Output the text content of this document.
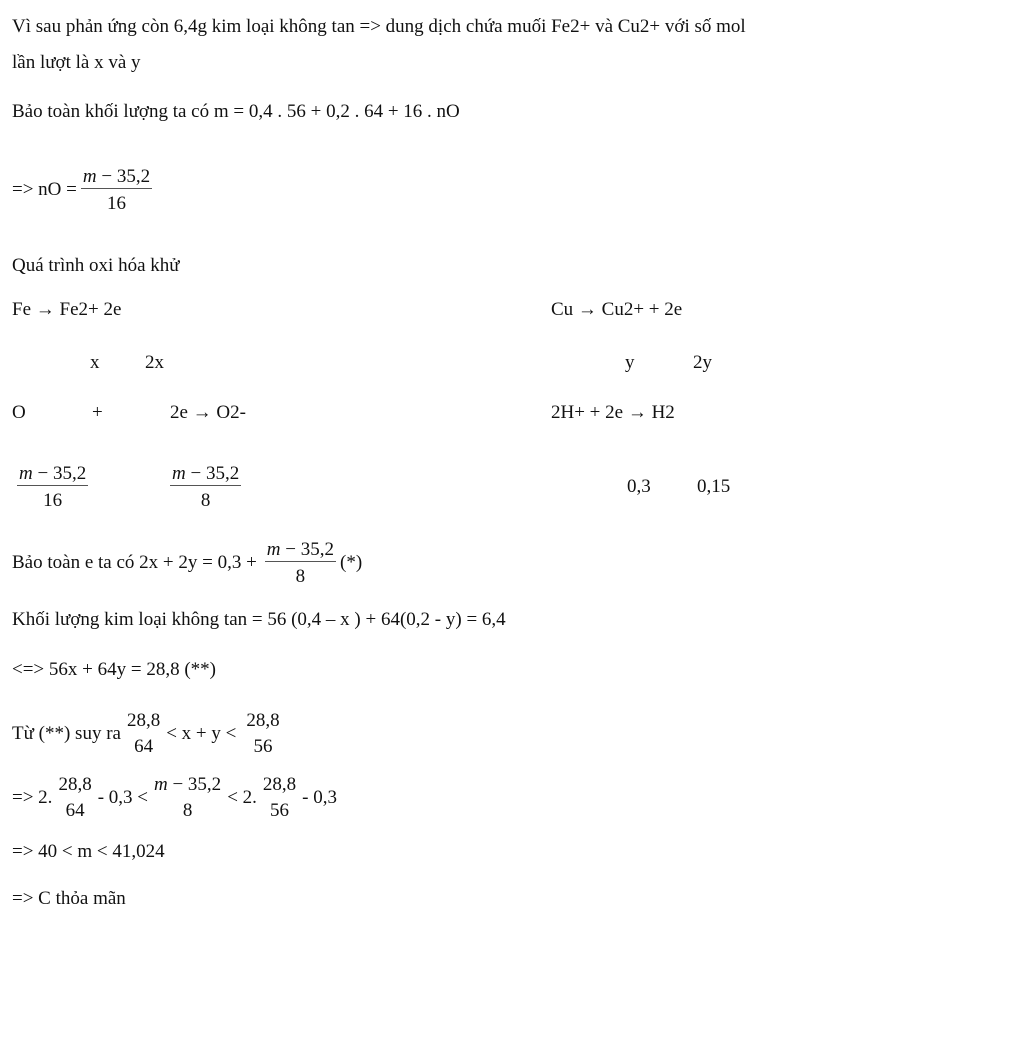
Vì sau phản ứng còn 6,4g kim loại không tan => dung dịch chứa muối Fe2+ và Cu2+ với số mol
lần lượt là x và y
Bảo toàn khối lượng ta có m = 0,4 . 56 + 0,2 . 64 + 16 . nO
=> nO = $\frac{m - 35,2}{16}$
Quá trình oxi hóa khử
Fe → Fe2+ 2e	Cu → Cu2+ + 2e
x 2x	y	2y
O	+	2e → O2-	2H+ + 2e → H2
$\frac{m - 35,2}{16}$	$\frac{m - 35,2}{8}$	0,3 0,15
Bảo toàn e ta có $2x + 2y = 0,3 + \frac{m - 35,2}{8}$ (*)
Khối lượng kim loại không tan = 56 (0,4 – x ) + 64(0,2 - y) = 6,4
<=> 56x + 64y = 28,8 (**)
Từ (**) suy ra
28,8
64
< x + y <
28,8
56
=> 2.
28,8
64
- 0,3 <
m − 35,2
8
< 2.
28,8
56
- 0,3
=> 40 < m < 41,024
=> C thỏa mãn
